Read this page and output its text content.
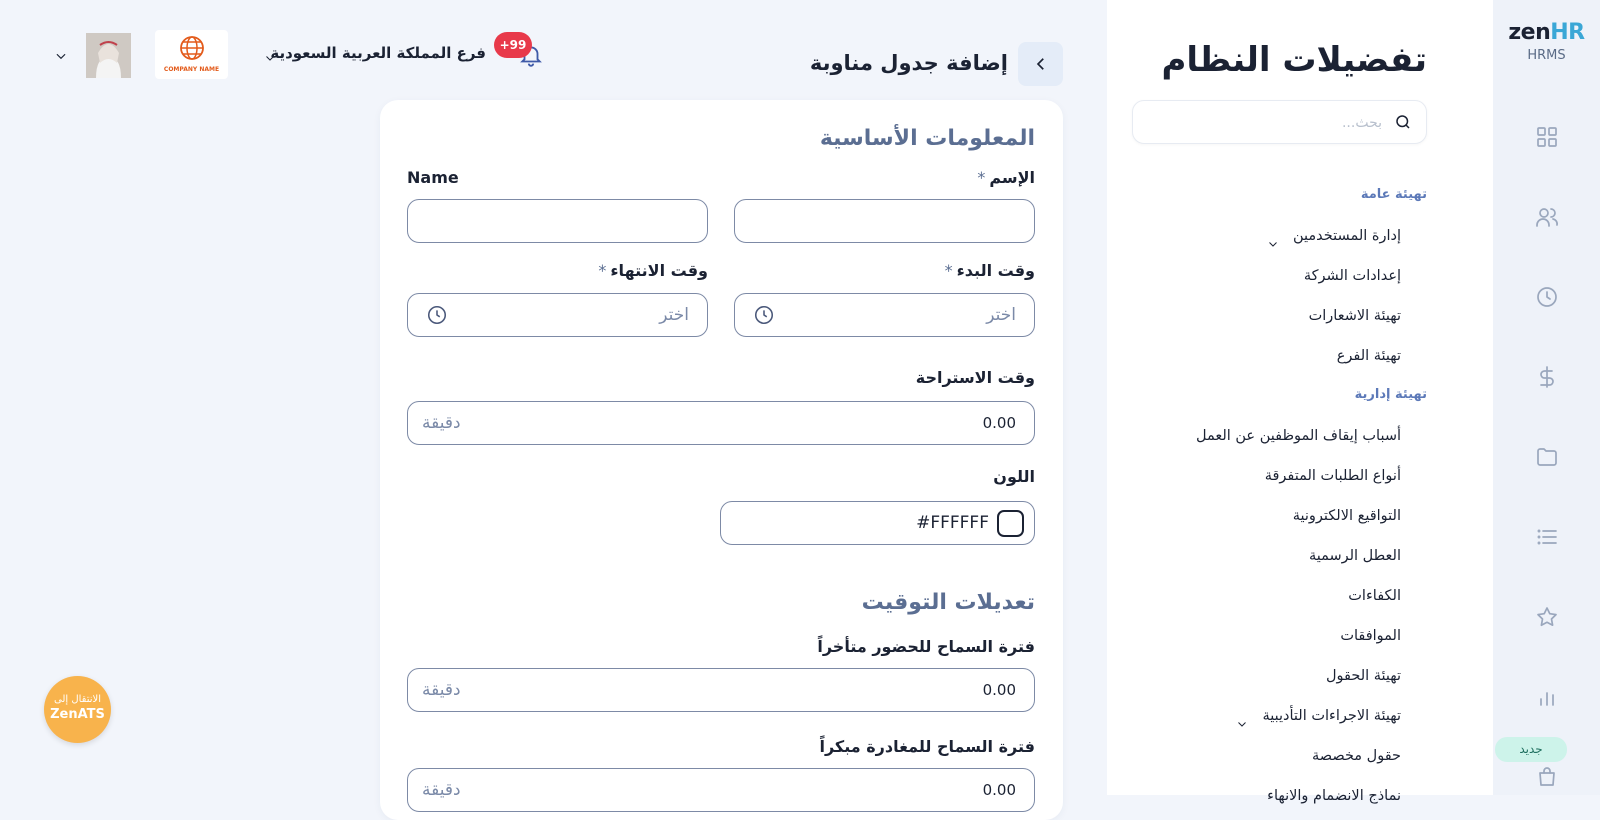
zenHR
HRMS
جديد
تفضيلات النظام
بحث...
تهيئة عامة
إدارة المستخدمين
إعدادات الشركة
تهيئة الاشعارات
تهيئة الفرع
تهيئة إدارية
أسباب إيقاف الموظفين عن العمل
أنواع الطلبات المتفرقة
التواقيع الالكترونية
العطل الرسمية
الكفاءات
الموافقات
تهيئة الحقول
تهيئة الاجراءات التأديبية
حقول مخصصة
نماذج الانضمام والانهاء
إضافة جدول مناوبة
+99
فرع المملكة العربية السعودية
COMPANY NAME
المعلومات الأساسية
الإسم*
Name
وقت البدء*
وقت الانتهاء*
اختر
اختر
وقت الاستراحة
0.00
دقيقة
اللون
#FFFFFF
تعديلات التوقيت
فترة السماح للحضور متأخراً
0.00
دقيقة
فترة السماح للمغادرة مبكراً
0.00
دقيقة
الانتقال إلى
ZenATS
